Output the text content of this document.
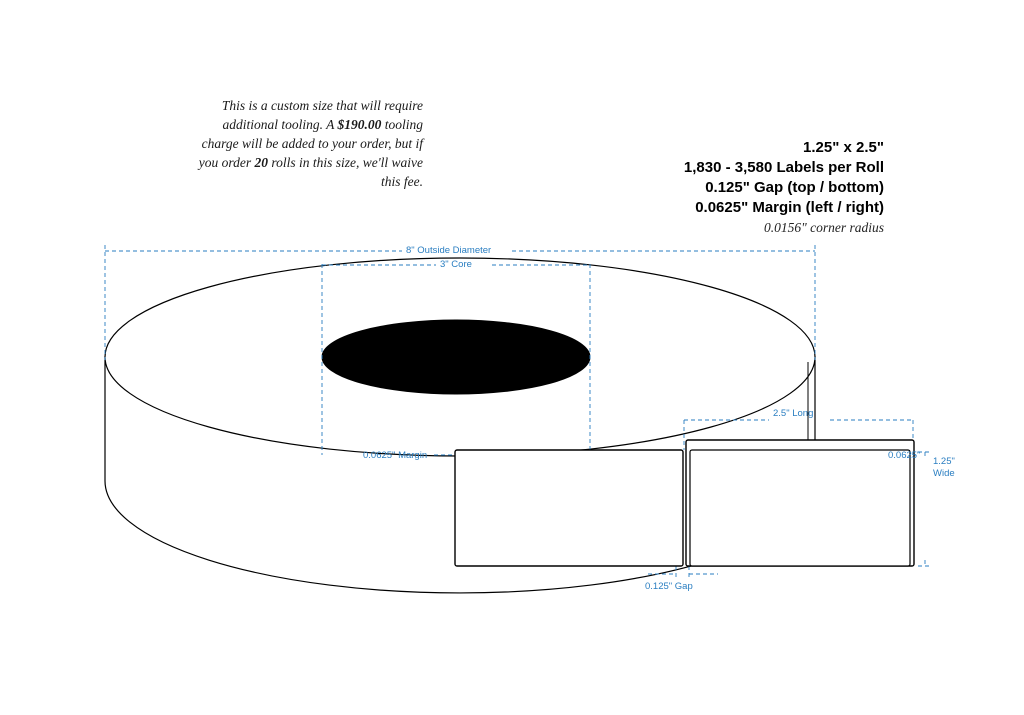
This is a custom size that will require
additional tooling. A $190.00 tooling
charge will be added to your order, but if
you order 20 rolls in this size, we'll waive
this fee.
1.25" x 2.5"
1,830 - 3,580 Labels per Roll
0.125" Gap (top / bottom)
0.0625" Margin (left / right)
0.0156" corner radius
8" Outside Diameter
3" Core
2.5" Long
0.0625" Margin	0.0625"
1.25"
Wide
0.125" Gap
